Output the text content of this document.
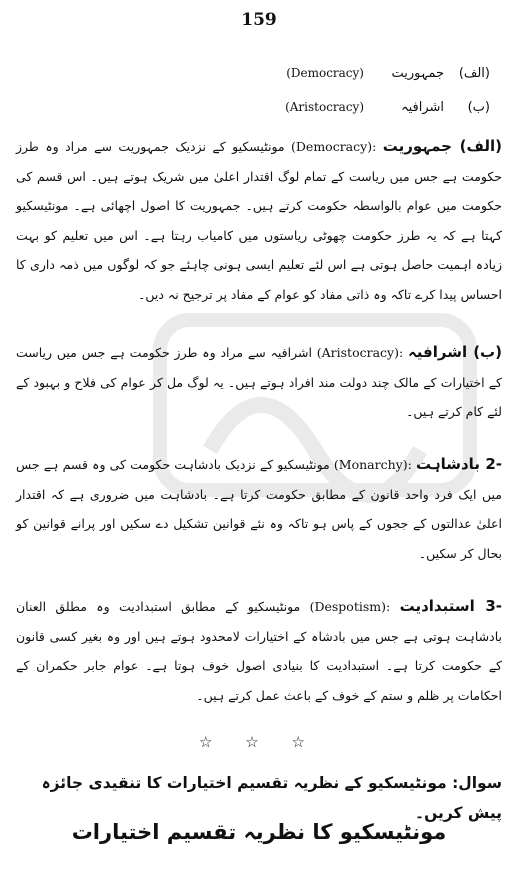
159
(الف)
جمہوریت
(Democracy)
(ب)
اشرافیہ
(Aristocracy)
(الف) جمہوریت (Democracy): مونٹیسکیو کے نزدیک جمہوریت سے مراد وہ طرز حکومت ہے جس میں ریاست کے تمام لوگ اقتدار اعلیٰ میں شریک ہوتے ہیں۔ اس قسم کی حکومت میں عوام بالواسطہ حکومت کرتے ہیں۔ جمہوریت کا اصول اچھائی ہے۔ مونٹیسکیو کہتا ہے کہ یہ طرز حکومت چھوٹی ریاستوں میں کامیاب رہتا ہے۔ اس میں تعلیم کو بہت زیادہ اہمیت حاصل ہوتی ہے اس لئے تعلیم ایسی ہونی چاہئے جو کہ لوگوں میں ذمہ داری کا احساس پیدا کرے تاکہ وہ ذاتی مفاد کو عوام کے مفاد پر ترجیح نہ دیں۔
(ب) اشرافیہ (Aristocracy): اشرافیہ سے مراد وہ طرز حکومت ہے جس میں ریاست کے اختیارات کے مالک چند دولت مند افراد ہوتے ہیں۔ یہ لوگ مل کر عوام کی فلاح و بہبود کے لئے کام کرتے ہیں۔
-2 بادشاہت (Monarchy): مونٹیسکیو کے نزدیک بادشاہت حکومت کی وہ قسم ہے جس میں ایک فرد واحد قانون کے مطابق حکومت کرتا ہے۔ بادشاہت میں ضروری ہے کہ اقتدار اعلیٰ عدالتوں کے ججوں کے پاس ہو تاکہ وہ نئے قوانین تشکیل دے سکیں اور پرانے قوانین کو بحال کر سکیں۔
-3 استبدادیت (Despotism): مونٹیسکیو کے مطابق استبدادیت وہ مطلق العنان بادشاہت ہوتی ہے جس میں بادشاہ کے اختیارات لامحدود ہوتے ہیں اور وہ بغیر کسی قانون کے حکومت کرتا ہے۔ استبدادیت کا بنیادی اصول خوف ہوتا ہے۔ عوام جابر حکمران کے احکامات پر ظلم و ستم کے خوف کے باعث عمل کرتے ہیں۔
☆ ☆ ☆
سوال: مونٹیسکیو کے نظریہ تقسیم اختیارات کا تنقیدی جائزہ پیش کریں۔
مونٹیسکیو کا نظریہ تقسیم اختیارات
